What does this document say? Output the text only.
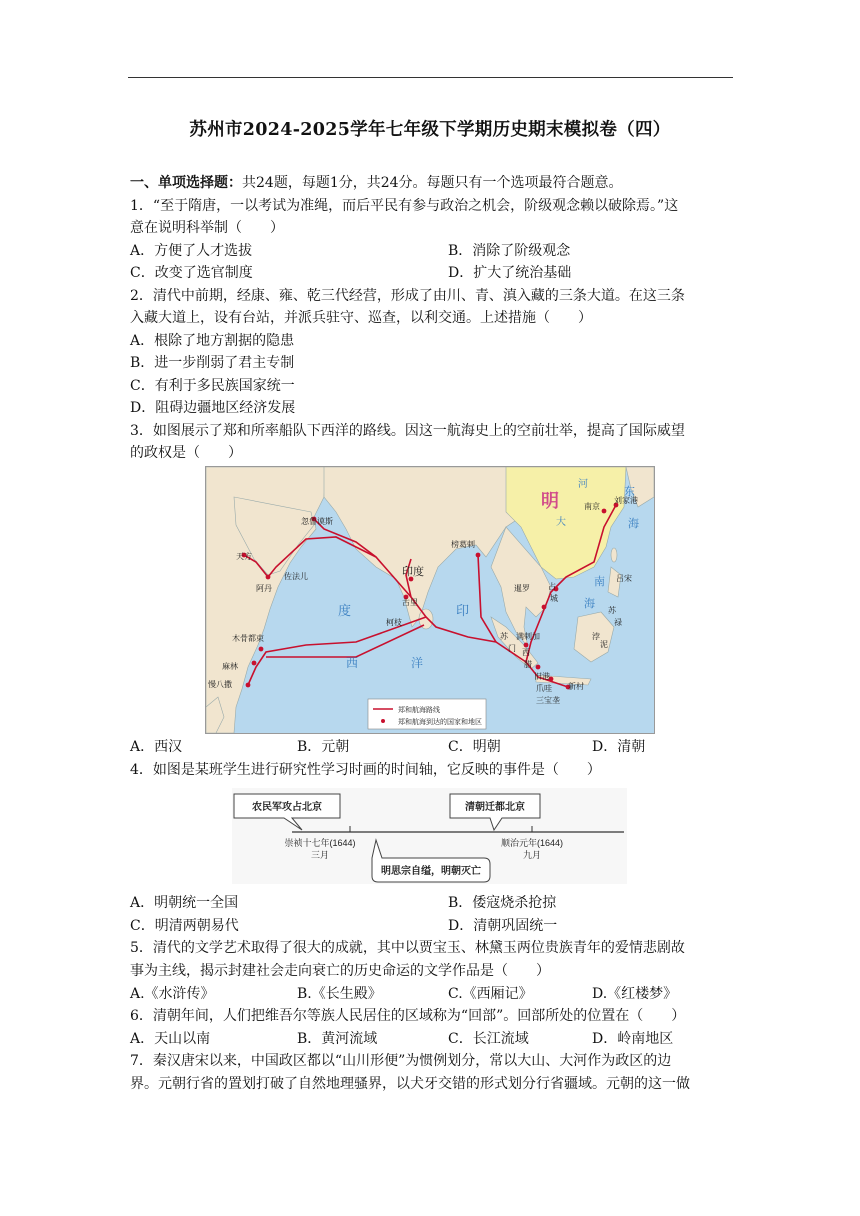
苏州市2024-2025学年七年级下学期历史期末模拟卷（四）
一、单项选择题：共24题，每题1分，共24分。每题只有一个选项最符合题意。
1．“至于隋唐，一以考试为准绳，而后平民有参与政治之机会，阶级观念赖以破除焉。”这
意在说明科举制（　　）
A．方便了人才选拔	B．消除了阶级观念
C．改变了选官制度	D．扩大了统治基础
2．清代中前期，经康、雍、乾三代经营，形成了由川、青、滇入藏的三条大道。在这三条
入藏大道上，设有台站，并派兵驻守、巡查，以利交通。上述措施（　　）
A．根除了地方割据的隐患
B．进一步削弱了君主专制
C．有利于多民族国家统一
D．阻碍边疆地区经济发展
3．如图展示了郑和所率船队下西洋的路线。因这一航海史上的空前壮举，提高了国际威望
的政权是（　　）
明	东
海
南
海
河
大
印度
印
度
西	洋
南京
刘家港
忽鲁谟斯
天方
阿丹
佐法儿
榜葛剌
古里
柯枝
木骨都束
麻林
慢八撒
暹罗 占
城
吕宋
苏
禄
浡
泥
苏
门
满剌加
西
腊
旧港
爪哇 新村
三宝垄
郑和航海路线
郑和航海到达的国家和地区
A．西汉	B．元朝	C．明朝	D．清朝
4．如图是某班学生进行研究性学习时画的时间轴，它反映的事件是（　　）
农民军攻占北京	清朝迁都北京
崇祯十七年(1644)
三月
顺治元年(1644)
九月
明思宗自缢，明朝灭亡
A．明朝统一全国	B．倭寇烧杀抢掠
C．明清两朝易代	D．清朝巩固统一
5．清代的文学艺术取得了很大的成就，其中以贾宝玉、林黛玉两位贵族青年的爱情悲剧故
事为主线，揭示封建社会走向衰亡的历史命运的文学作品是（　　）
A.《水浒传》	B.《长生殿》	C.《西厢记》	D.《红楼梦》
6．清朝年间，人们把维吾尔等族人民居住的区域称为“回部”。回部所处的位置在（　　）
A．天山以南	B．黄河流域	C．长江流域	D．岭南地区
7．秦汉唐宋以来，中国政区都以“山川形便”为惯例划分，常以大山、大河作为政区的边
界。元朝行省的置划打破了自然地理骚界，以犬牙交错的形式划分行省疆域。元朝的这一做
